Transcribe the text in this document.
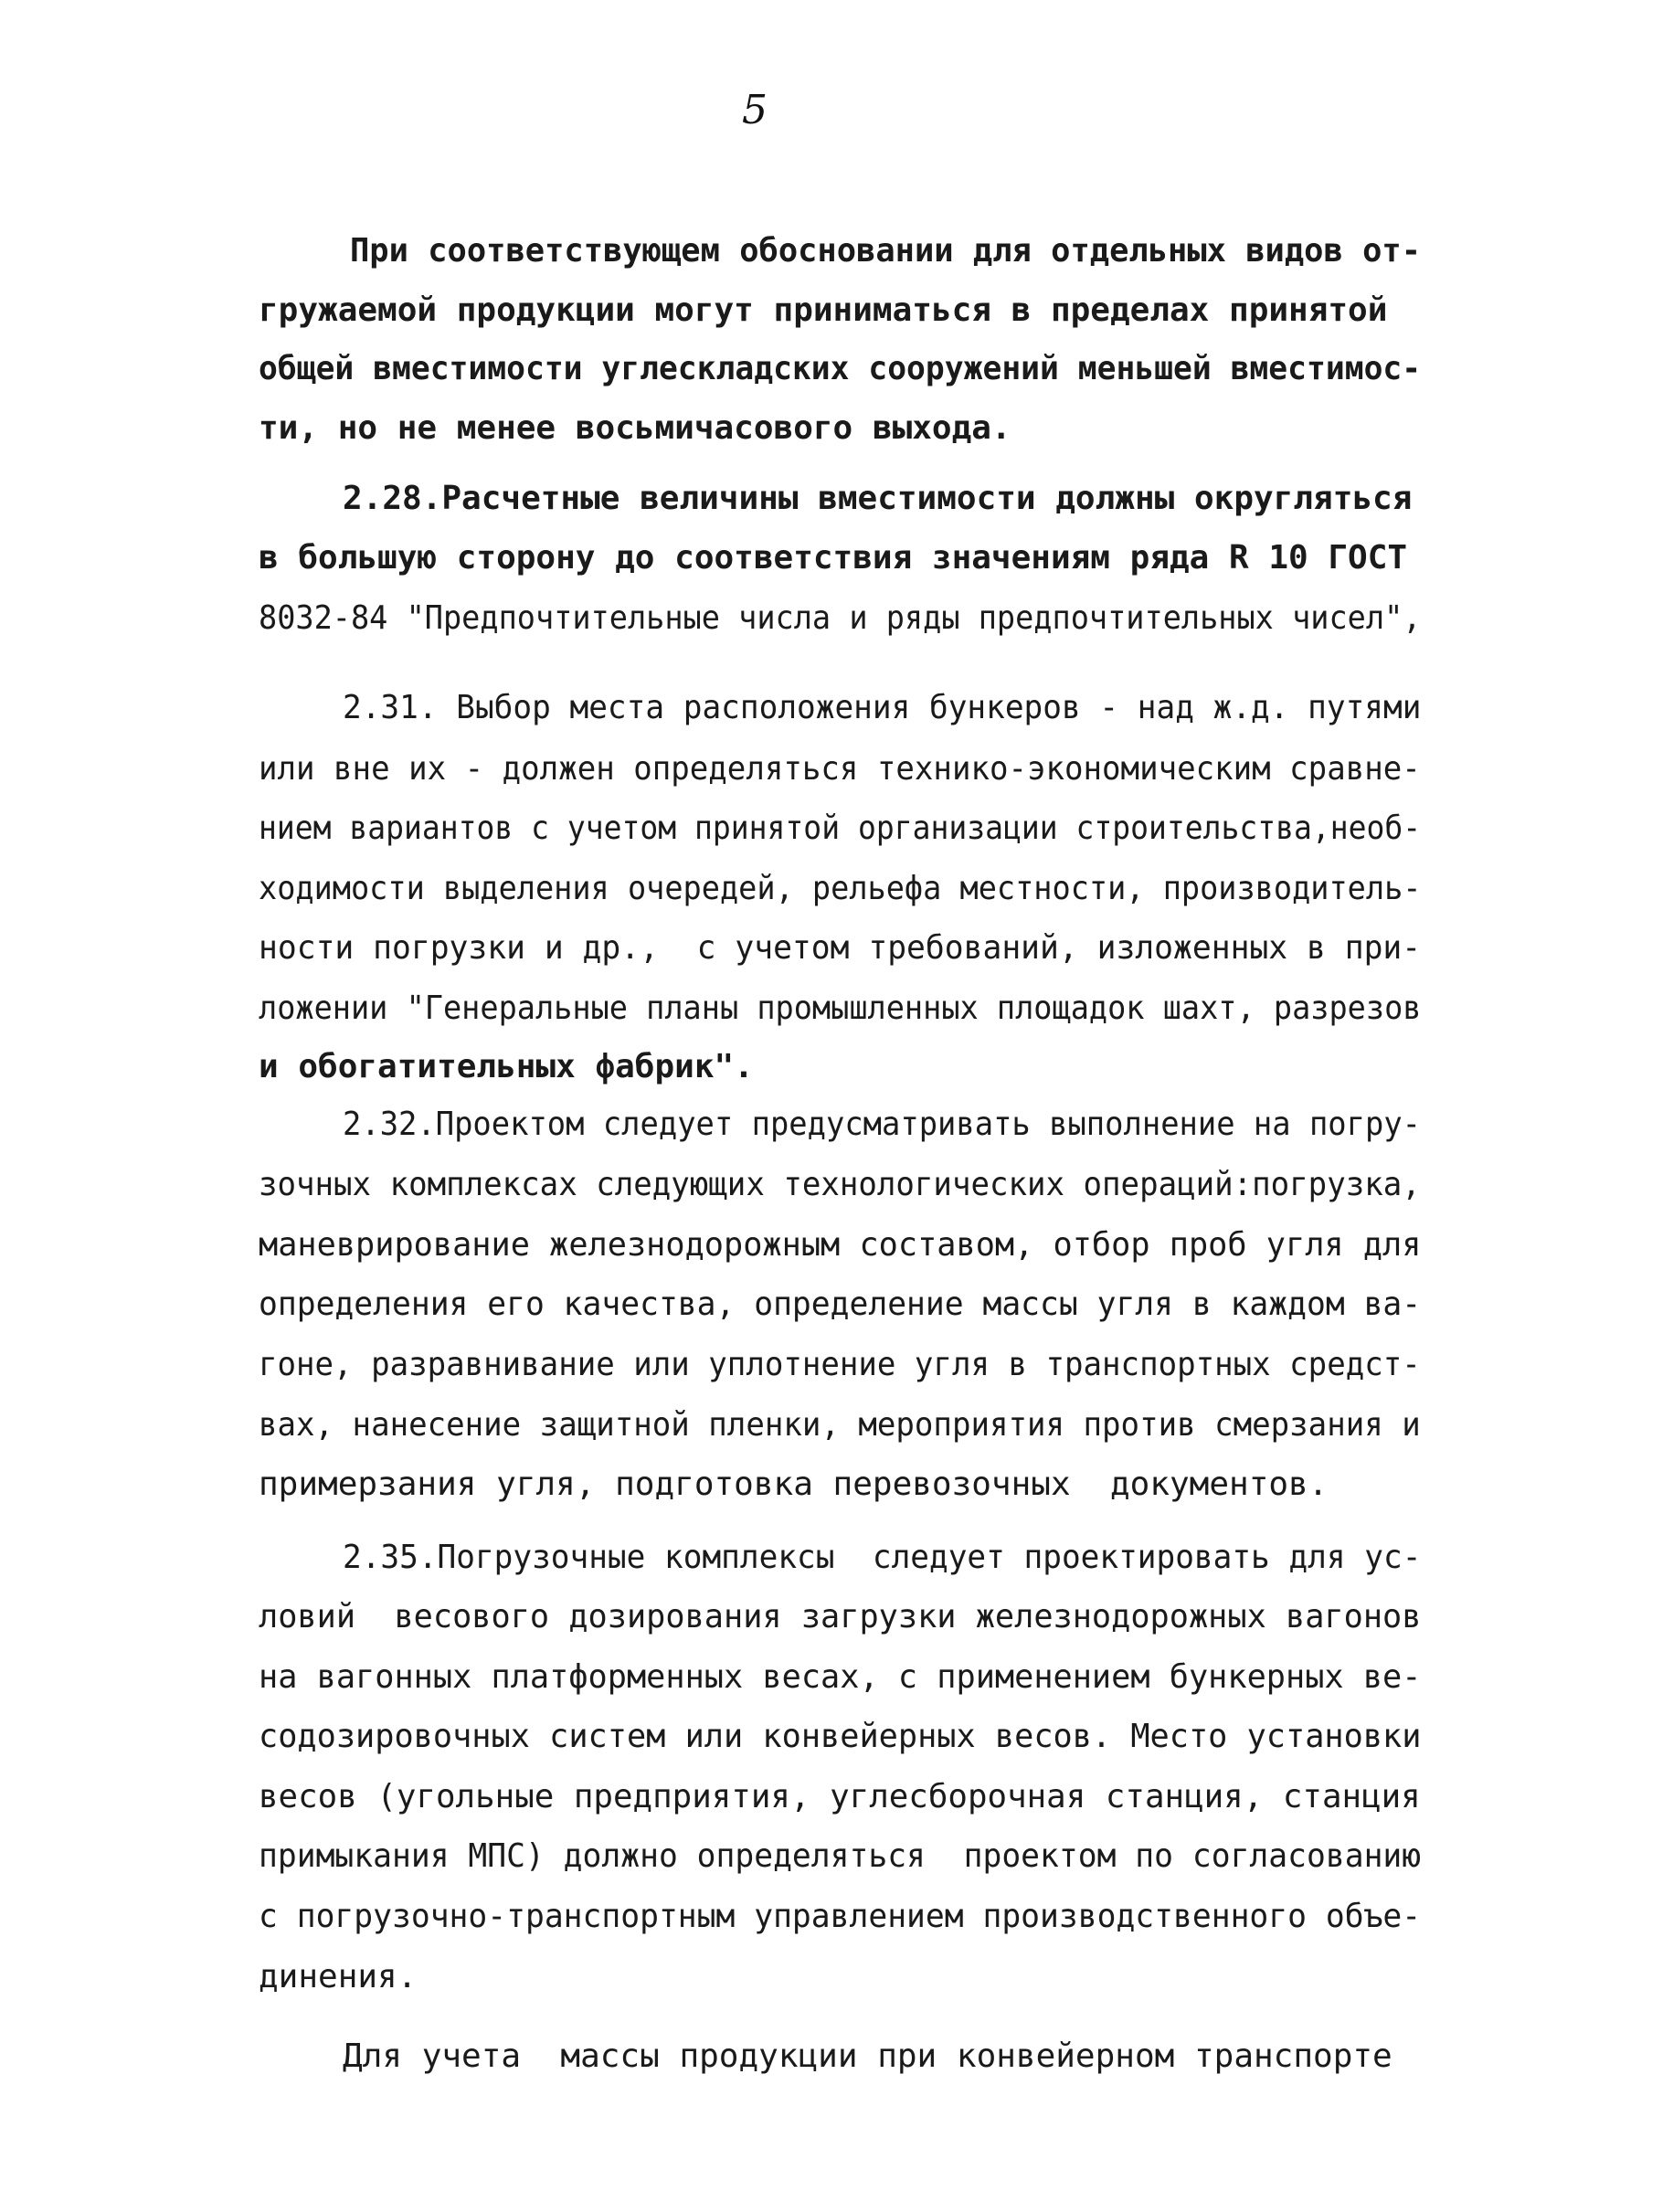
5
При соответствующем обосновании для отдельных видов от-
гружаемой продукции могут приниматься в пределах принятой
общей вместимости углескладских сооружений меньшей вместимос-
ти, но не менее восьмичасового выхода.
2.28.Расчетные величины вместимости должны округляться
в большую сторону до соответствия значениям ряда R 10 ГОСТ
8032-84 "Предпочтительные числа и ряды предпочтительных чисел",
2.31. Выбор места расположения бункеров - над ж.д. путями
или вне их - должен определяться технико-экономическим сравне-
нием вариантов с учетом принятой организации строительства,необ-
ходимости выделения очередей, рельефа местности, производитель-
ности погрузки и др.,  с учетом требований, изложенных в при-
ложении "Генеральные планы промышленных площадок шахт, разрезов
и обогатительных фабрик".
2.32.Проектом следует предусматривать выполнение на погру-
зочных комплексах следующих технологических операций:погрузка,
маневрирование железнодорожным составом, отбор проб угля для
определения его качества, определение массы угля в каждом ва-
гоне, разравнивание или уплотнение угля в транспортных средст-
вах, нанесение защитной пленки, мероприятия против смерзания и
примерзания угля, подготовка перевозочных  документов.
2.35.Погрузочные комплексы  следует проектировать для ус-
ловий  весового дозирования загрузки железнодорожных вагонов
на вагонных платформенных весах, с применением бункерных ве-
содозировочных систем или конвейерных весов. Место установки
весов (угольные предприятия, углесборочная станция, станция
примыкания МПС) должно определяться  проектом по согласованию
с погрузочно-транспортным управлением производственного объе-
динения.
Для учета  массы продукции при конвейерном транспорте
